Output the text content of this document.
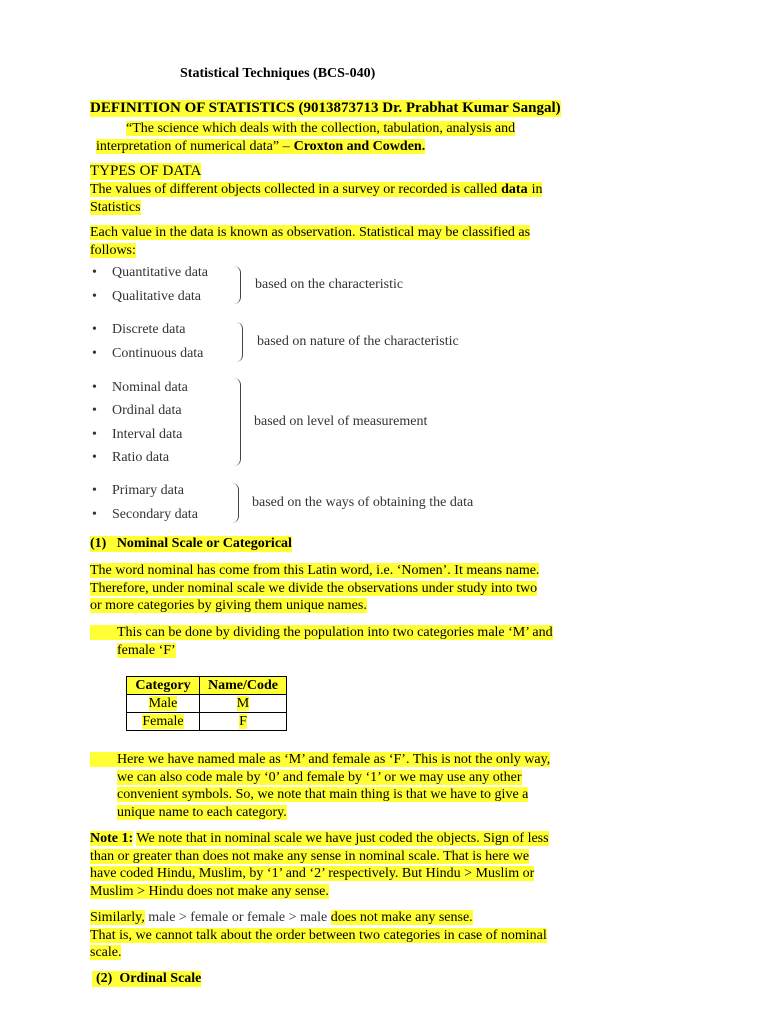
Statistical Techniques (BCS-040)
DEFINITION OF STATISTICS (9013873713 Dr. Prabhat Kumar Sangal)
“The science which deals with the collection, tabulation, analysis and
interpretation of numerical data” – Croxton and Cowden.
TYPES OF DATA
The values of different objects collected in a survey or recorded is called data in
Statistics
Each value in the data is known as observation. Statistical may be classified as
follows:
• Quantitative data
• Qualitative data
based on the characteristic
• Discrete data
• Continuous data
based on nature of the characteristic
• Nominal data
• Ordinal data
• Interval data
• Ratio data
based on level of measurement
• Primary data
• Secondary data
based on the ways of obtaining the data
(1)   Nominal Scale or Categorical
The word nominal has come from this Latin word, i.e. ‘Nomen’. It means name.
Therefore, under nominal scale we divide the observations under study into two
or more categories by giving them unique names.
This can be done by dividing the population into two categories male ‘M’ and
female ‘F’
Category	Name/Code
Male	M
Female	F
Here we have named male as ‘M’ and female as ‘F’. This is not the only way,
we can also code male by ‘0’ and female by ‘1’ or we may use any other
convenient symbols. So, we note that main thing is that we have to give a
unique name to each category.
Note 1: We note that in nominal scale we have just coded the objects. Sign of less
than or greater than does not make any sense in nominal scale. That is here we
have coded Hindu, Muslim, by ‘1’ and ‘2’ respectively. But Hindu > Muslim or
Muslim > Hindu does not make any sense.
Similarly, male > female or female > male does not make any sense.
That is, we cannot talk about the order between two categories in case of nominal
scale.
(2)  Ordinal Scale
